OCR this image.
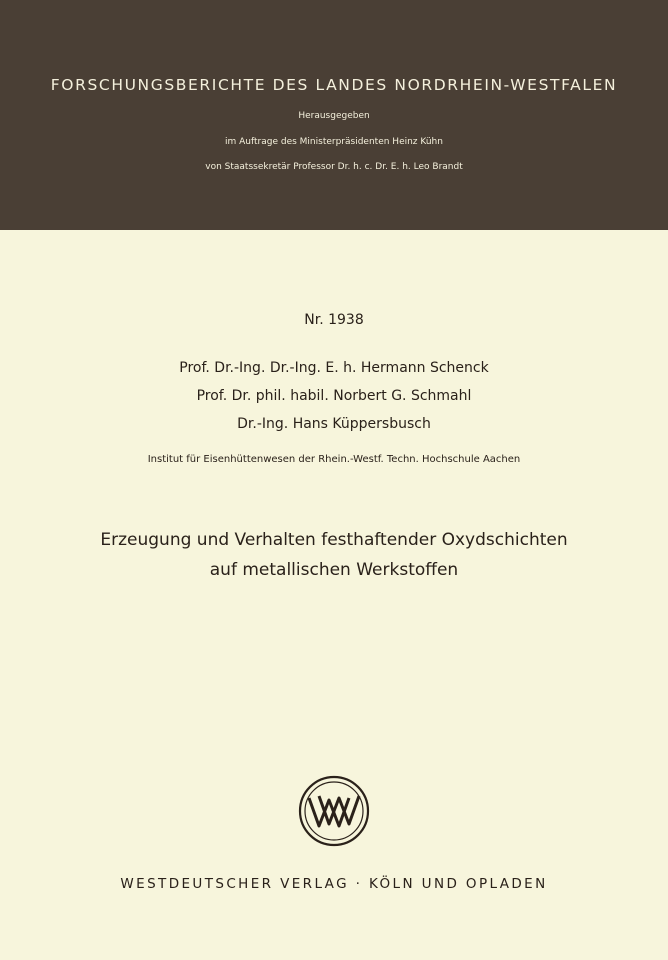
FORSCHUNGSBERICHTE DES LANDES NORDRHEIN-WESTFALEN
Herausgegeben
im Auftrage des Ministerpräsidenten Heinz Kühn
von Staatssekretär Professor Dr. h. c. Dr. E. h. Leo Brandt
Nr. 1938
Prof. Dr.-Ing. Dr.-Ing. E. h. Hermann Schenck
Prof. Dr. phil. habil. Norbert G. Schmahl
Dr.-Ing. Hans Küppersbusch
Institut für Eisenhüttenwesen der Rhein.-Westf. Techn. Hochschule Aachen
Erzeugung und Verhalten festhaftender Oxydschichten
auf metallischen Werkstoffen
WESTDEUTSCHER VERLAG · KÖLN UND OPLADEN
